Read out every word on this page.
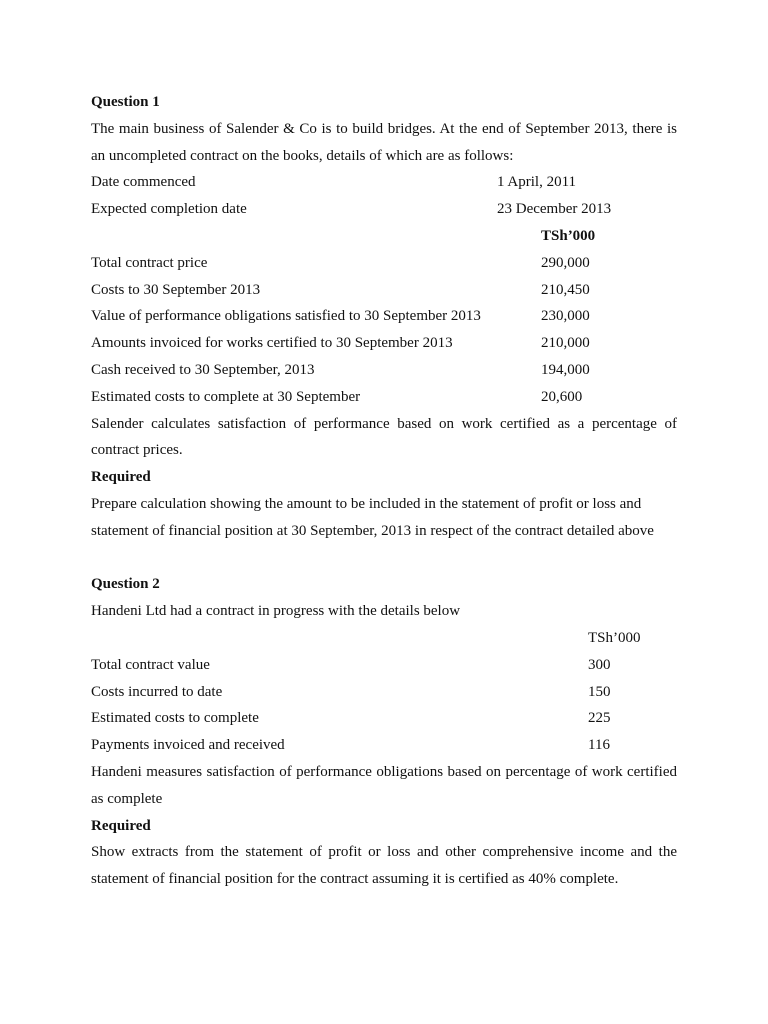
Question 1
The main business of Salender & Co is to build bridges. At the end of September 2013, there is
an uncompleted contract on the books, details of which are as follows:
Date commenced	1 April, 2011
Expected completion date	23 December 2013
TSh’000
Total contract price	290,000
Costs to 30 September 2013	210,450
Value of performance obligations satisfied to 30 September 2013	230,000
Amounts invoiced for works certified to 30 September 2013	210,000
Cash received to 30 September, 2013	194,000
Estimated costs to complete at 30 September	20,600
Salender calculates satisfaction of performance based on work certified as a percentage of
contract prices.
Required
Prepare calculation showing the amount to be included in the statement of profit or loss and
statement of financial position at 30 September, 2013 in respect of the contract detailed above
Question 2
Handeni Ltd had a contract in progress with the details below
TSh’000
Total contract value	300
Costs incurred to date	150
Estimated costs to complete	225
Payments invoiced and received	116
Handeni measures satisfaction of performance obligations based on percentage of work certified
as complete
Required
Show extracts from the statement of profit or loss and other comprehensive income and the
statement of financial position for the contract assuming it is certified as 40% complete.
